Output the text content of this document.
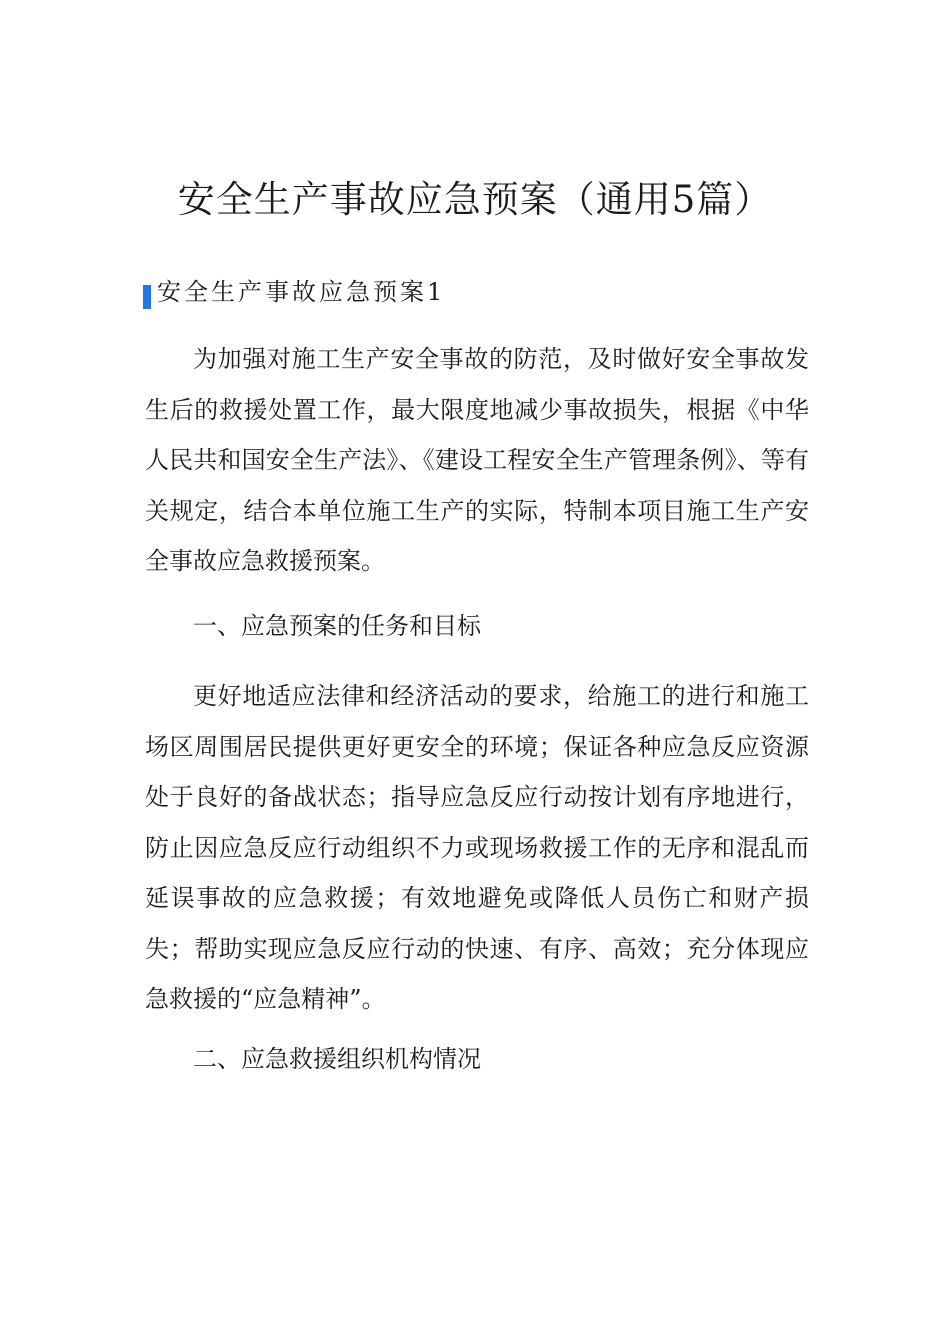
安全生产事故应急预案（通用5篇）
安全生产事故应急预案1

为加强对施工生产安全事故的防范，及时做好安全事故发生后的救援处置工作，最大限度地减少事故损失，根据《中华人民共和国安全生产法》、《建设工程安全生产管理条例》、等有关规定，结合本单位施工生产的实际，特制本项目施工生产安全事故应急救援预案。

一、应急预案的任务和目标

更好地适应法律和经济活动的要求，给施工的进行和施工场区周围居民提供更好更安全的环境；保证各种应急反应资源处于良好的备战状态；指导应急反应行动按计划有序地进行，防止因应急反应行动组织不力或现场救援工作的无序和混乱而延误事故的应急救援；有效地避免或降低人员伤亡和财产损失；帮助实现应急反应行动的快速、有序、高效；充分体现应急救援的“应急精神”。

二、应急救援组织机构情况
